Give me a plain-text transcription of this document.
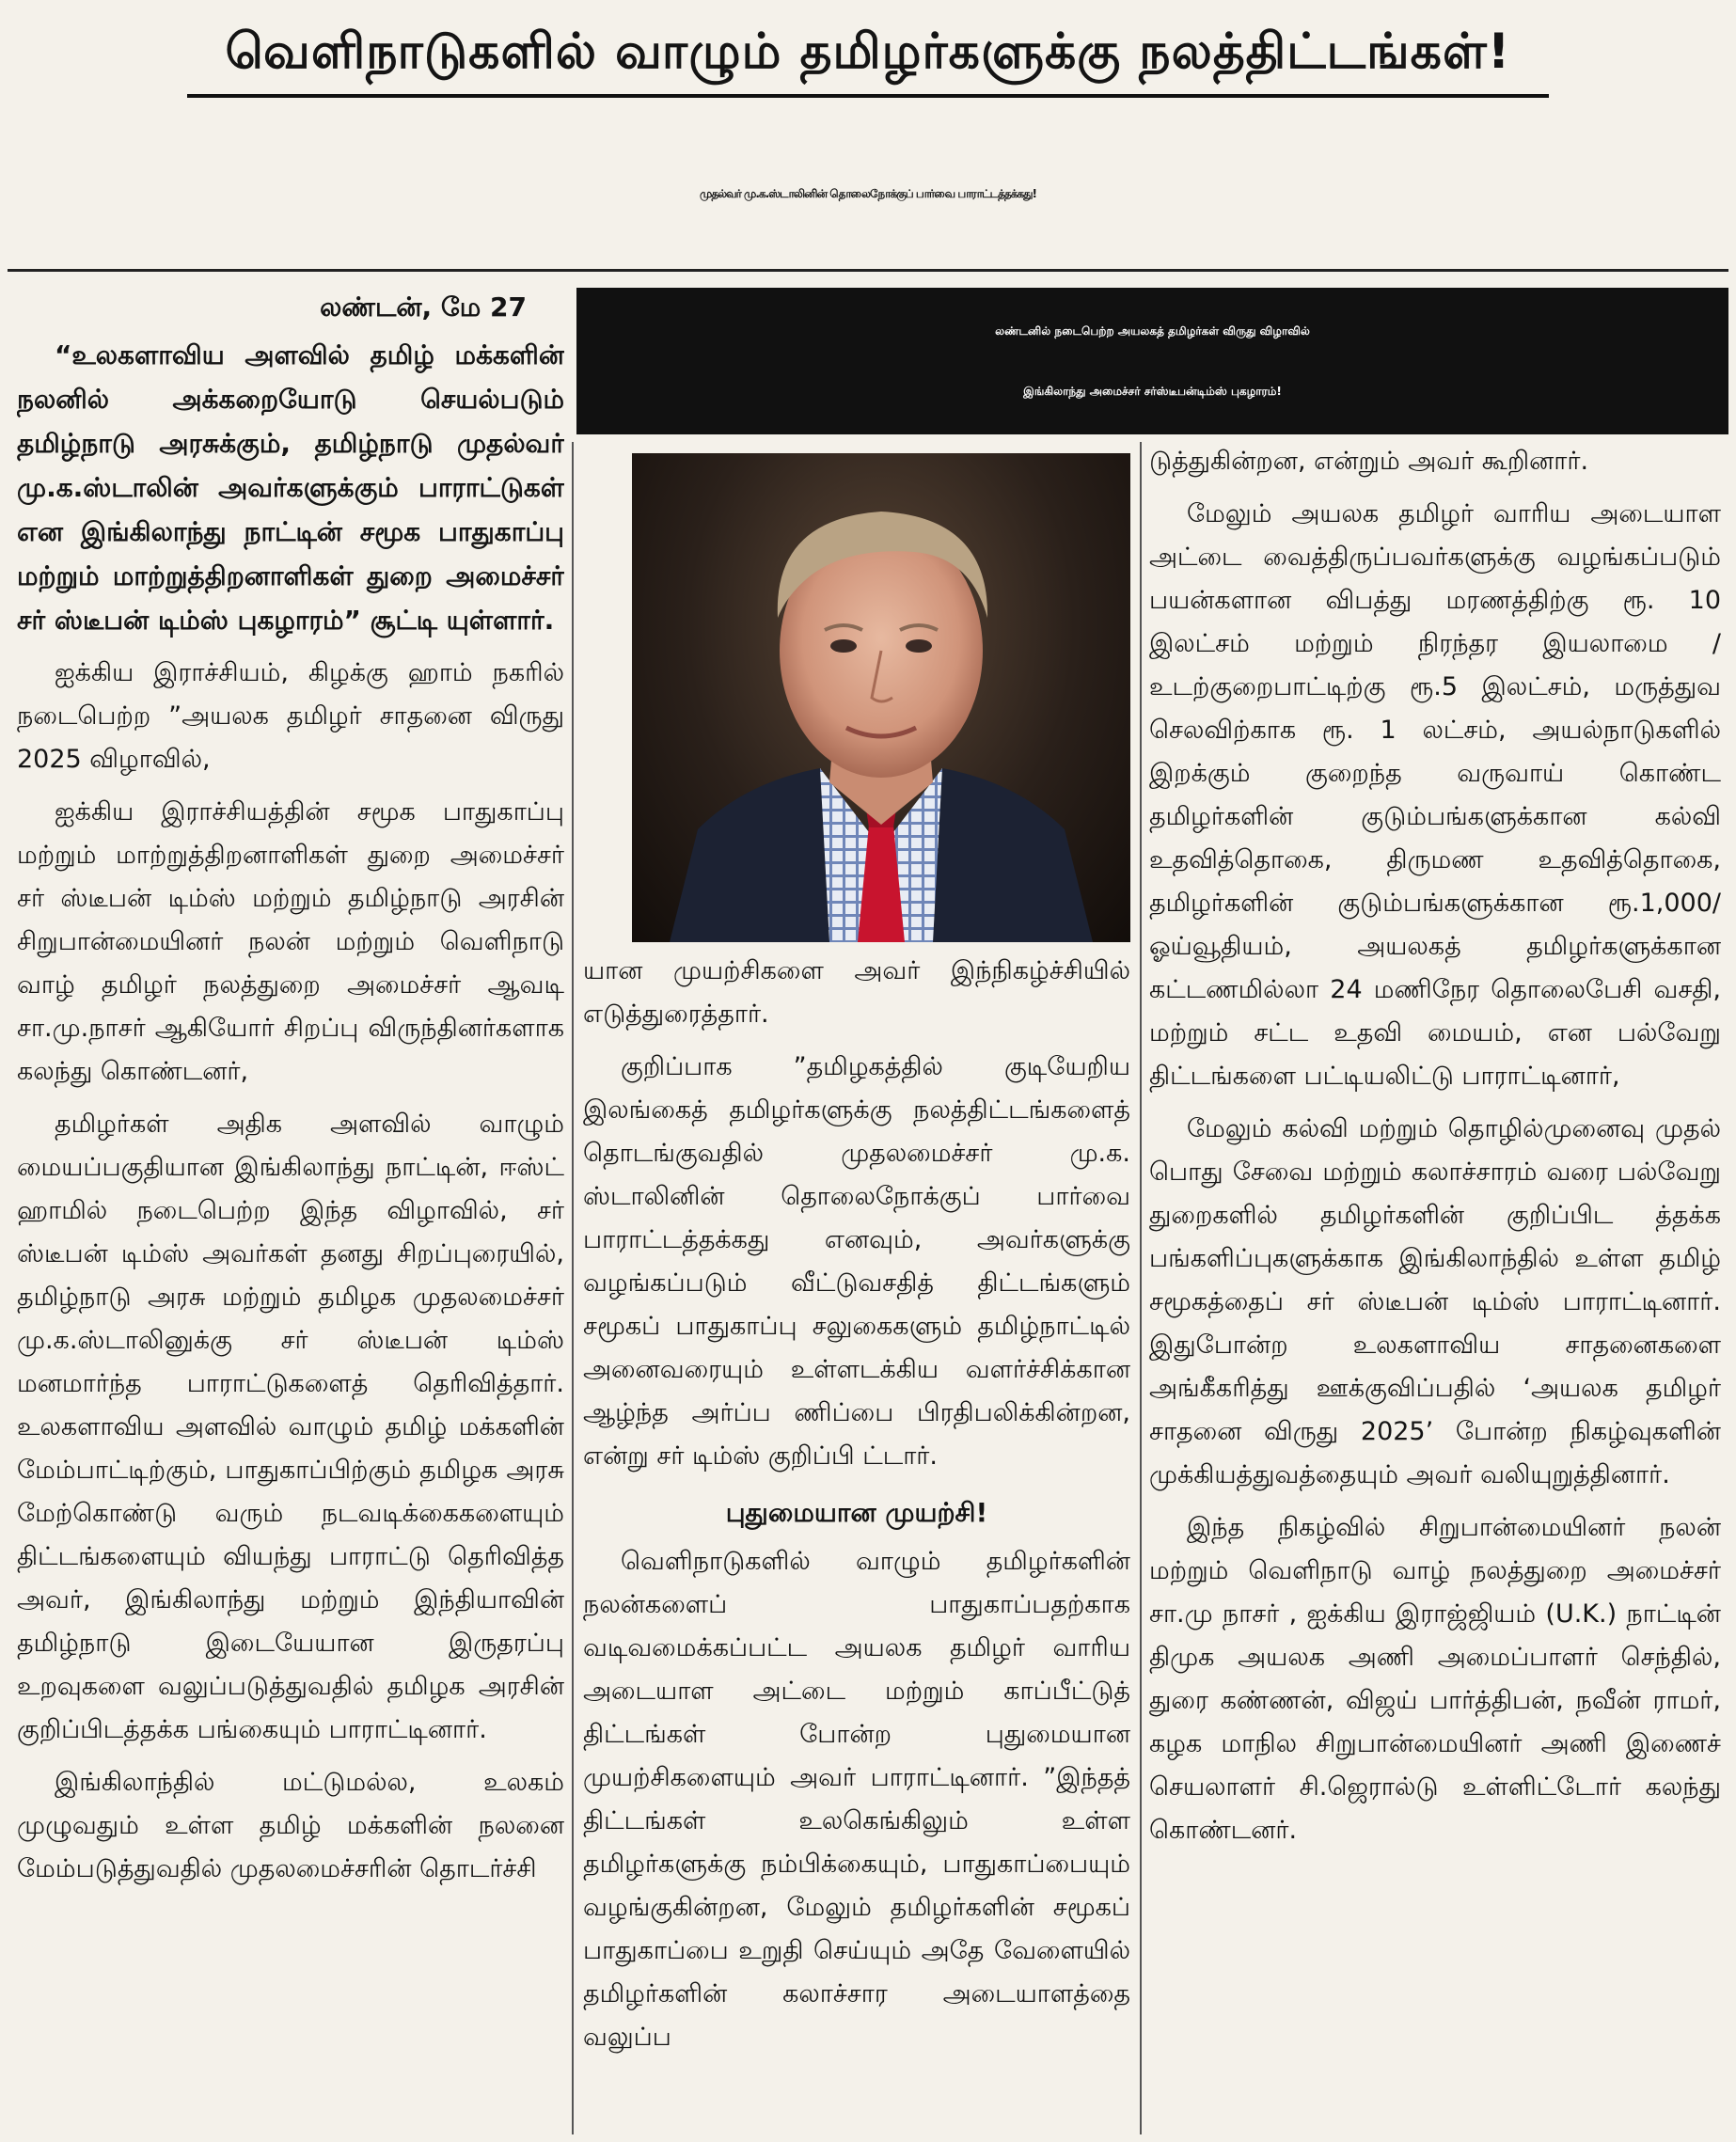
வெளிநாடுகளில் வாழும் தமிழர்களுக்கு நலத்திட்டங்கள்!
முதல்வர் மு.க.ஸ்டாலினின் தொலைநோக்குப் பார்வை பாராட்டத்தக்கது!
லண்டனில் நடைபெற்ற அயலகத் தமிழர்கள் விருது விழாவில்
இங்கிலாந்து அமைச்சர் சர்ஸ்டீபன்டிம்ஸ் புகழாரம்!
லண்டன், மே 27

“உலகளாவிய அளவில் தமிழ் மக்களின் நலனில் அக்கறையோடு செயல்படும் தமிழ்நாடு அரசுக்கும், தமிழ்நாடு முதல்வர் மு.க.ஸ்டாலின் அவர்களுக்கும் பாராட்டுகள் என இங்கிலாந்து நாட்டின் சமூக பாதுகாப்பு மற்றும் மாற்றுத்திறனாளிகள் துறை அமைச்சர் சர் ஸ்டீபன் டிம்ஸ் புகழாரம்” சூட்டி யுள்ளார்.

ஐக்கிய இராச்சியம், கிழக்கு ஹாம் நகரில் நடைபெற்ற ”அயலக தமிழர் சாதனை விருது 2025 விழாவில்,

ஐக்கிய இராச்சியத்தின் சமூக பாதுகாப்பு மற்றும் மாற்றுத்திறனாளிகள் துறை அமைச்சர் சர் ஸ்டீபன் டிம்ஸ் மற்றும் தமிழ்நாடு அரசின் சிறுபான்மையினர் நலன் மற்றும் வெளிநாடு வாழ் தமிழர் நலத்துறை அமைச்சர் ஆவடி சா.மு.நாசர் ஆகியோர் சிறப்பு விருந்தினர்களாக கலந்து கொண்டனர்,

தமிழர்கள் அதிக அளவில் வாழும் மையப்பகுதியான இங்கிலாந்து நாட்டின், ஈஸ்ட் ஹாமில் நடைபெற்ற இந்த விழாவில், சர் ஸ்டீபன் டிம்ஸ் அவர்கள் தனது சிறப்புரையில், தமிழ்நாடு அரசு மற்றும் தமிழக முதலமைச்சர் மு.க.ஸ்டாலினுக்கு சர் ஸ்டீபன் டிம்ஸ் மனமார்ந்த பாராட்டுகளைத் தெரிவித்தார். உலகளாவிய அளவில் வாழும் தமிழ் மக்களின் மேம்பாட்டிற்கும், பாதுகாப்பிற்கும் தமிழக அரசு மேற்கொண்டு வரும் நடவடிக்கைகளையும் திட்டங்களையும் வியந்து பாராட்டு தெரிவித்த அவர், இங்கிலாந்து மற்றும் இந்தியாவின் தமிழ்நாடு இடையேயான இருதரப்பு உறவுகளை வலுப்படுத்துவதில் தமிழக அரசின் குறிப்பிடத்தக்க பங்கையும் பாராட்டினார்.

இங்கிலாந்தில் மட்டுமல்ல, உலகம் முழுவதும் உள்ள தமிழ் மக்களின் நலனை மேம்படுத்துவதில் முதலமைச்சரின் தொடர்ச்சி

யான முயற்சிகளை அவர் இந்நிகழ்ச்சியில் எடுத்துரைத்தார்.

குறிப்பாக ”தமிழகத்தில் குடியேறிய இலங்கைத் தமிழர்களுக்கு நலத்திட்டங்களைத் தொடங்குவதில் முதலமைச்சர் மு.க. ஸ்டாலினின் தொலைநோக்குப் பார்வை பாராட்டத்தக்கது எனவும், அவர்களுக்கு வழங்கப்படும் வீட்டுவசதித் திட்டங்களும் சமூகப் பாதுகாப்பு சலுகைகளும் தமிழ்நாட்டில் அனைவரையும் உள்ளடக்கிய வளர்ச்சிக்கான ஆழ்ந்த அர்ப்ப ணிப்பை பிரதிபலிக்கின்றன, என்று சர் டிம்ஸ் குறிப்பி ட்டார்.

புதுமையான முயற்சி!

வெளிநாடுகளில் வாழும் தமிழர்களின் நலன்களைப் பாதுகாப்பதற்காக வடிவமைக்கப்பட்ட அயலக தமிழர் வாரிய அடையாள அட்டை மற்றும் காப்பீட்டுத் திட்டங்கள் போன்ற புதுமையான முயற்சிகளையும் அவர் பாராட்டினார். ”இந்தத் திட்டங்கள் உலகெங்கிலும் உள்ள தமிழர்களுக்கு நம்பிக்கையும், பாதுகாப்பையும் வழங்குகின்றன, மேலும் தமிழர்களின் சமூகப் பாதுகாப்பை உறுதி செய்யும் அதே வேளையில் தமிழர்களின் கலாச்சார அடையாளத்தை வலுப்ப

டுத்துகின்றன, என்றும் அவர் கூறினார்.

மேலும் அயலக தமிழர் வாரிய அடையாள அட்டை வைத்திருப்பவர்களுக்கு வழங்கப்படும் பயன்களான விபத்து மரணத்திற்கு ரூ. 10 இலட்சம் மற்றும் நிரந்தர இயலாமை / உடற்குறைபாட்டிற்கு ரூ.5 இலட்சம், மருத்துவ செலவிற்காக ரூ. 1 லட்சம், அயல்நாடுகளில் இறக்கும் குறைந்த வருவாய் கொண்ட தமிழர்களின் குடும்பங்களுக்கான கல்வி உதவித்தொகை, திருமண உதவித்தொகை, தமிழர்களின் குடும்பங்களுக்கான ரூ.1,000/ ஓய்வூதியம், அயலகத் தமிழர்களுக்கான கட்டணமில்லா 24 மணிநேர தொலைபேசி வசதி, மற்றும் சட்ட உதவி மையம், என பல்வேறு திட்டங்களை பட்டியலிட்டு பாராட்டினார்,

மேலும் கல்வி மற்றும் தொழில்முனைவு முதல் பொது சேவை மற்றும் கலாச்சாரம் வரை பல்வேறு துறைகளில் தமிழர்களின் குறிப்பிட த்தக்க பங்களிப்புகளுக்காக இங்கிலாந்தில் உள்ள தமிழ் சமூகத்தைப் சர் ஸ்டீபன் டிம்ஸ் பாராட்டினார். இதுபோன்ற உலகளாவிய சாதனைகளை அங்கீகரித்து ஊக்குவிப்பதில் ‘அயலக தமிழர் சாதனை விருது 2025’ போன்ற நிகழ்வுகளின் முக்கியத்துவத்தையும் அவர் வலியுறுத்தினார்.

இந்த நிகழ்வில் சிறுபான்மையினர் நலன் மற்றும் வெளிநாடு வாழ் நலத்துறை அமைச்சர் சா.மு நாசர் , ஐக்கிய இராஜ்ஜியம் (U.K.) நாட்டின் திமுக அயலக அணி அமைப்பாளர் செந்தில், துரை கண்ணன், விஜய் பார்த்திபன், நவீன் ராமர், கழக மாநில சிறுபான்மையினர் அணி இணைச் செயலாளர் சி.ஜெரால்டு உள்ளிட்டோர் கலந்து கொண்டனர்.
